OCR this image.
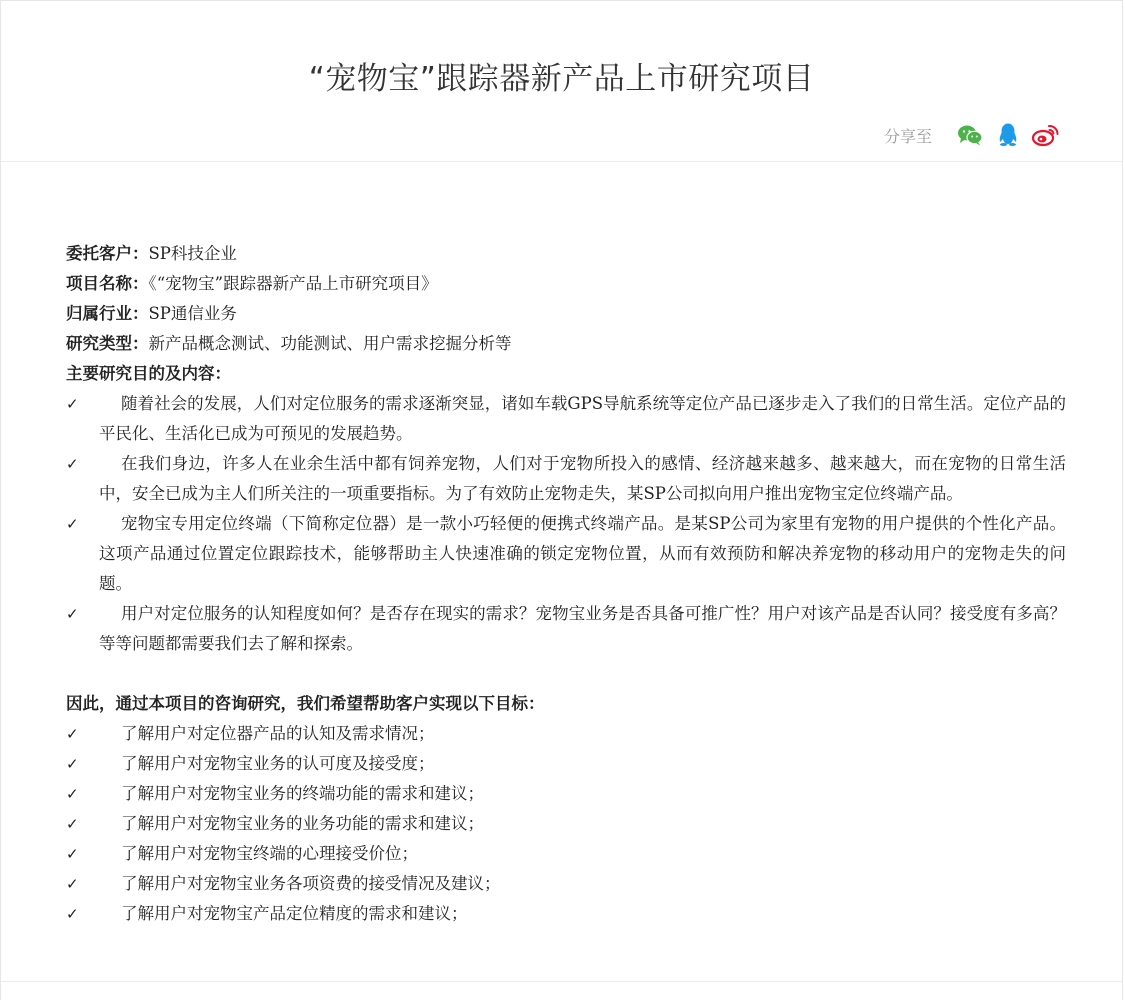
“宠物宝”跟踪器新产品上市研究项目
分享至
委托客户：SP科技企业
项目名称：《“宠物宝”跟踪器新产品上市研究项目》
归属行业：SP通信业务
研究类型：新产品概念测试、功能测试、用户需求挖掘分析等
主要研究目的及内容：
✓	随着社会的发展，人们对定位服务的需求逐渐突显，诸如车载GPS导航系统等定位产品已逐步走入了我们的日常生活。定位产品的平民化、生活化已成为可预见的发展趋势。
✓	在我们身边，许多人在业余生活中都有饲养宠物，人们对于宠物所投入的感情、经济越来越多、越来越大，而在宠物的日常生活中，安全已成为主人们所关注的一项重要指标。为了有效防止宠物走失，某SP公司拟向用户推出宠物宝定位终端产品。
✓	宠物宝专用定位终端（下简称定位器）是一款小巧轻便的便携式终端产品。是某SP公司为家里有宠物的用户提供的个性化产品。这项产品通过位置定位跟踪技术，能够帮助主人快速准确的锁定宠物位置，从而有效预防和解决养宠物的移动用户的宠物走失的问题。
✓	用户对定位服务的认知程度如何？是否存在现实的需求？宠物宝业务是否具备可推广性？用户对该产品是否认同？接受度有多高？等等问题都需要我们去了解和探索。
因此，通过本项目的咨询研究，我们希望帮助客户实现以下目标：
✓	了解用户对定位器产品的认知及需求情况；
✓	了解用户对宠物宝业务的认可度及接受度；
✓	了解用户对宠物宝业务的终端功能的需求和建议；
✓	了解用户对宠物宝业务的业务功能的需求和建议；
✓	了解用户对宠物宝终端的心理接受价位；
✓	了解用户对宠物宝业务各项资费的接受情况及建议；
✓	了解用户对宠物宝产品定位精度的需求和建议；
